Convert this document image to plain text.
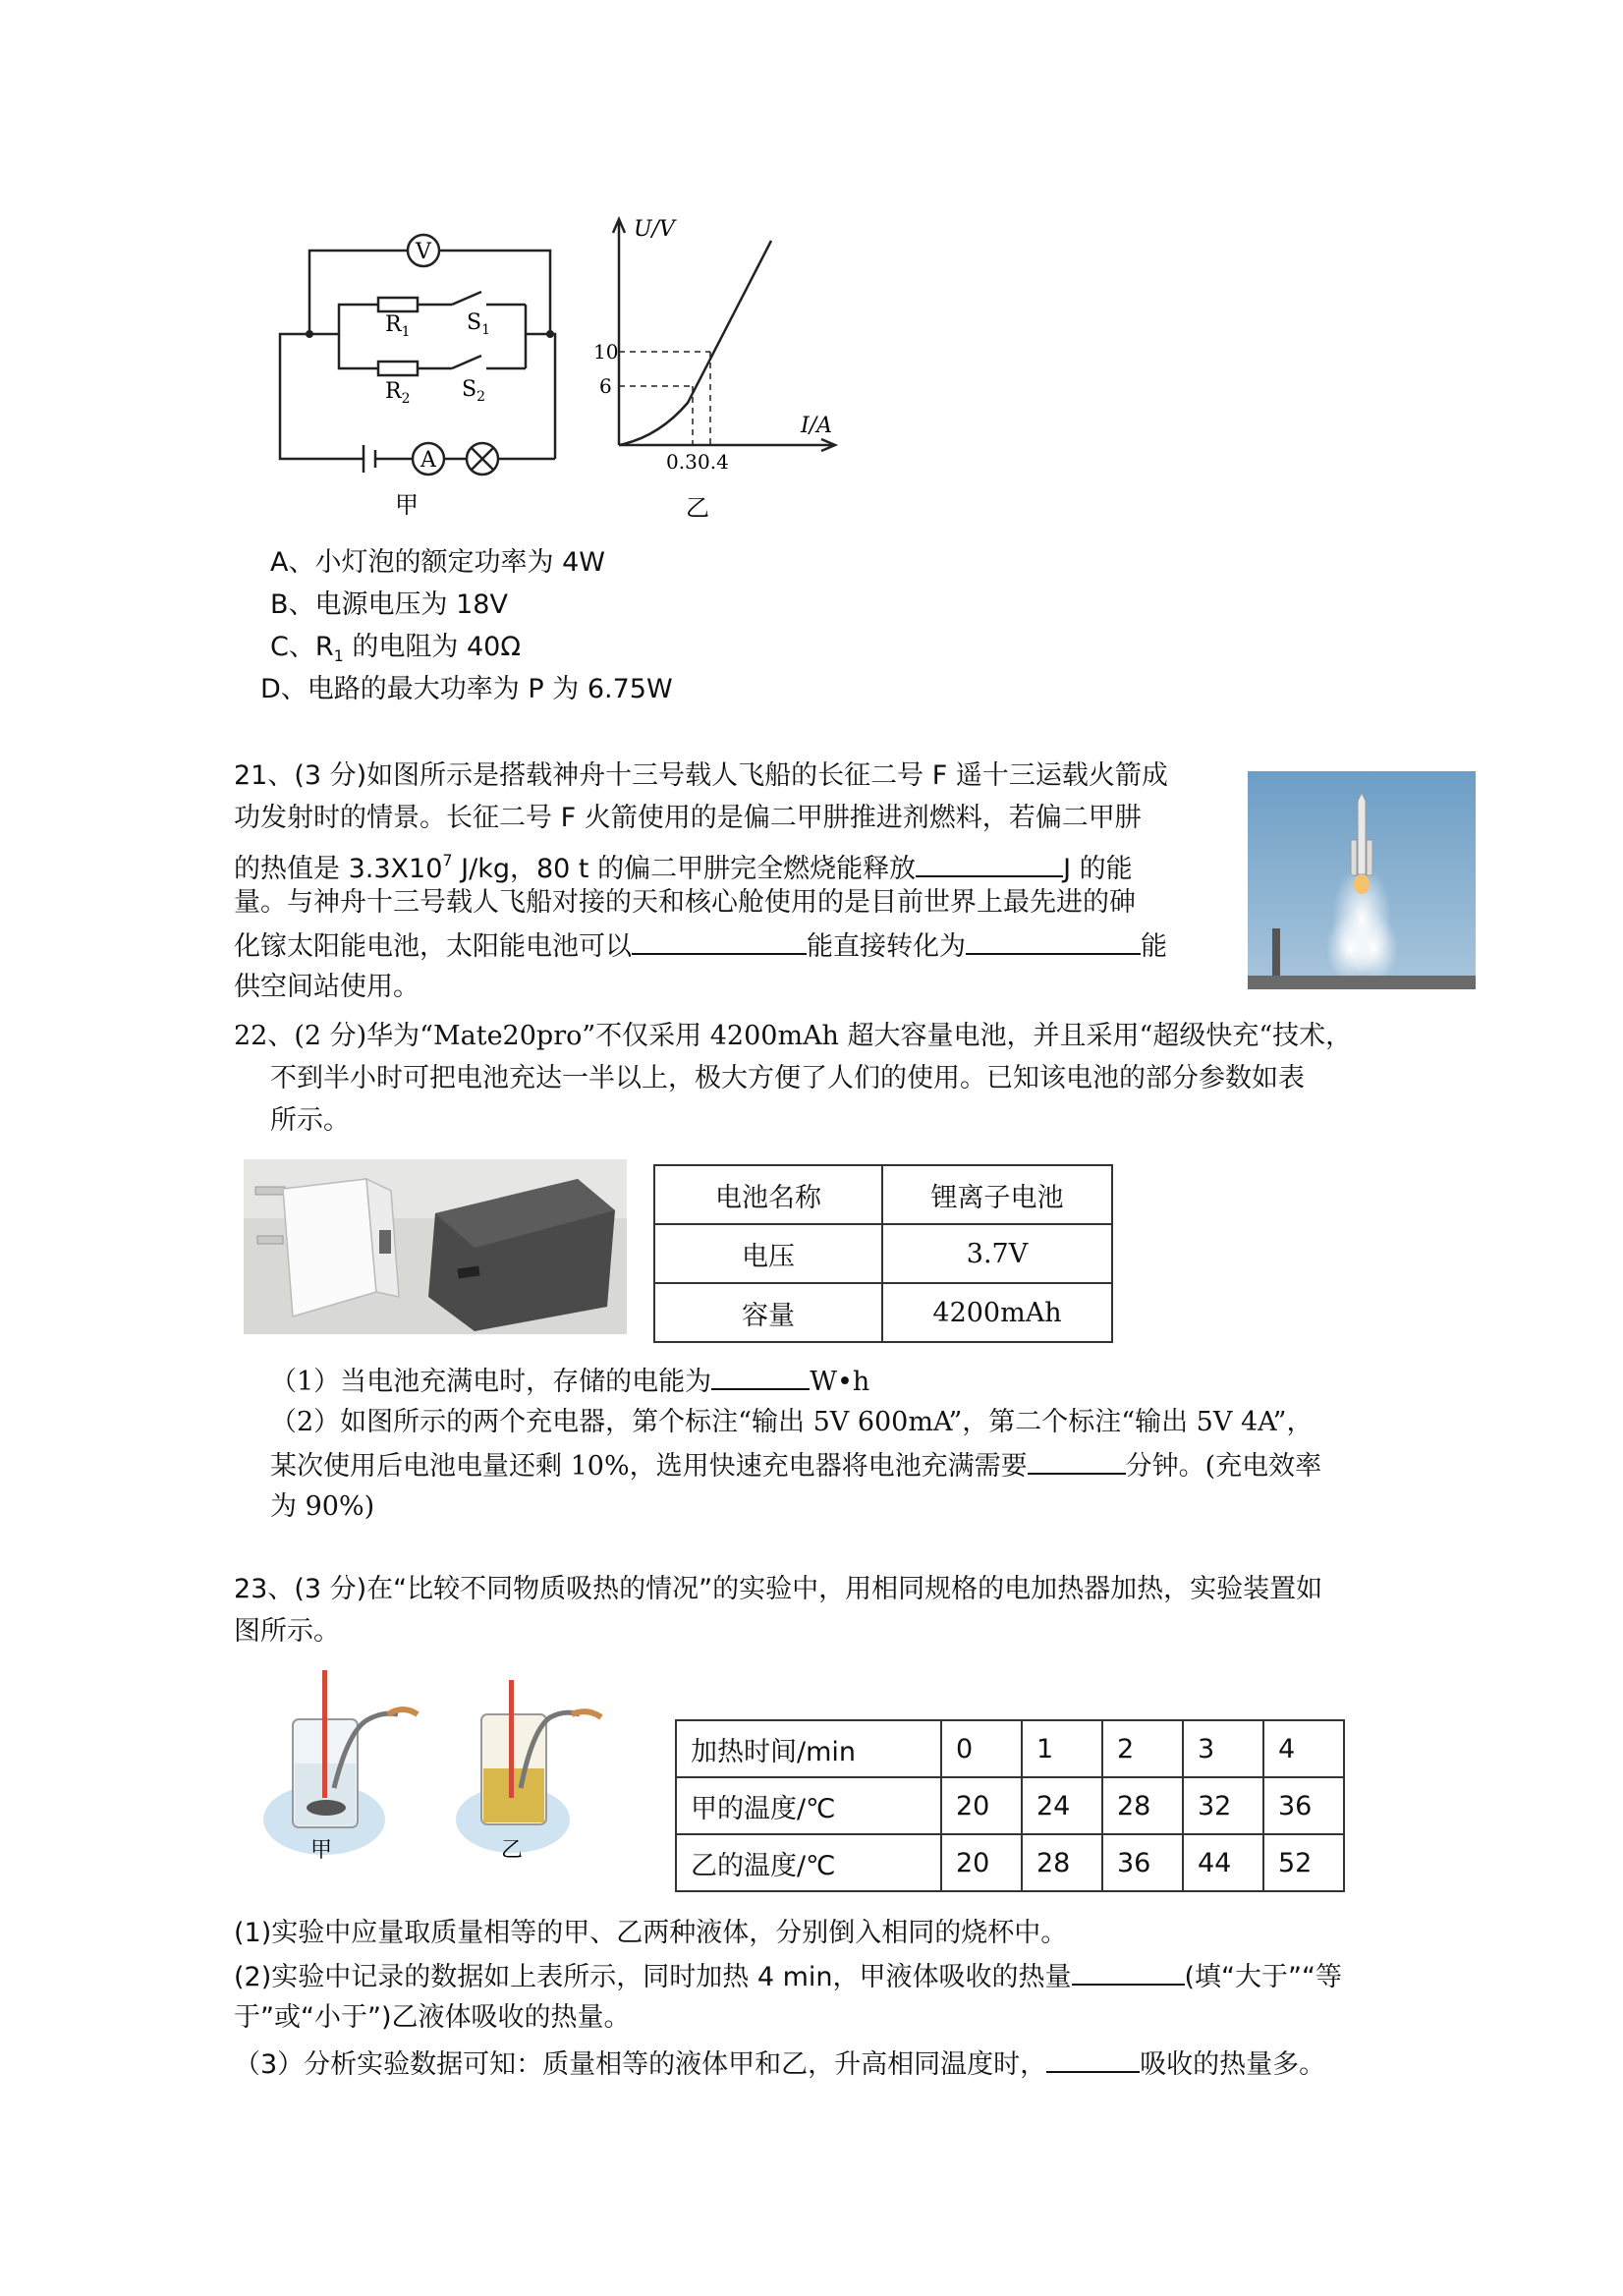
V
A
$R_1$	$S_1$
$R_2$ $S_2$
甲
U/V
I/A
10
6
0.3 0.4
乙
A、小灯泡的额定功率为 4W
B、电源电压为 18V
C、$R_1$ 的电阻为 40Ω
D、电路的最大功率为 P 为 6.75W
21、(3 分)如图所示是搭载神舟十三号载人飞船的长征二号 F 遥十三运载火箭成
功发射时的情景。长征二号 F 火箭使用的是偏二甲肼推进剂燃料，若偏二甲肼
的热值是 $3.3X10^7$ J/kg，80 t 的偏二甲肼完全燃烧能释放	J 的能
量。与神舟十三号载人飞船对接的天和核心舱使用的是目前世界上最先进的砷
化镓太阳能电池，太阳能电池可以	能直接转化为	能
供空间站使用。
22、(2 分)华为“Mate20pro”不仅采用 4200mAh 超大容量电池，并且采用“超级快充“技术，
不到半小时可把电池充达一半以上，极大方便了人们的使用。已知该电池的部分参数如表
所示。
电池名称	锂离子电池
电压	3.7V
容量	4200mAh
（1）当电池充满电时，存储的电能为	W•h
（2）如图所示的两个充电器，第个标注“输出 5V 600mA”，第二个标注“输出 5V 4A”，
某次使用后电池电量还剩 10%，选用快速充电器将电池充满需要	分钟。(充电效率
为 90%)
23、(3 分)在“比较不同物质吸热的情况”的实验中，用相同规格的电加热器加热，实验装置如
图所示。
甲	乙
加热时间/min	0	1	2	3	4
甲的温度/℃	20	24	28	32	36
乙的温度/℃	20	28	36	44	52
(1)实验中应量取质量相等的甲、乙两种液体，分别倒入相同的烧杯中。
(2)实验中记录的数据如上表所示，同时加热 4 min，甲液体吸收的热量	(填“大于”“等
于”或“小于”)乙液体吸收的热量。
（3）分析实验数据可知：质量相等的液体甲和乙，升高相同温度时，	吸收的热量多。
